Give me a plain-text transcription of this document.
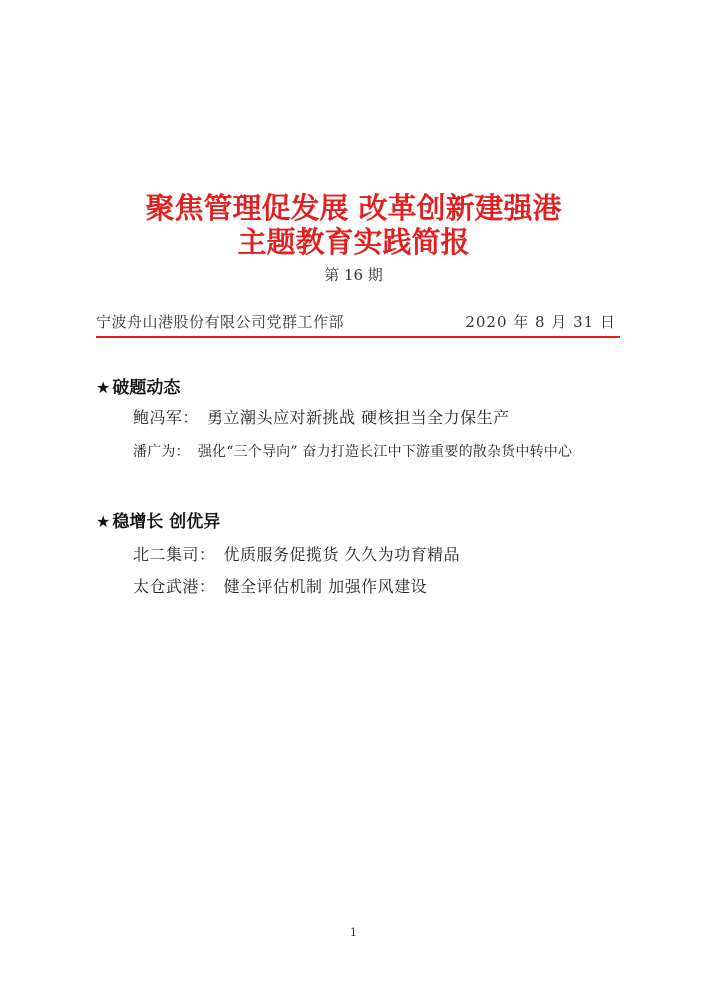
聚焦管理促发展 改革创新建强港
主题教育实践简报
第 16 期
宁波舟山港股份有限公司党群工作部	2020 年 8 月 31 日
★ 破题动态
鲍冯军： 勇立潮头应对新挑战 硬核担当全力保生产
潘广为： 强化“三个导向” 奋力打造长江中下游重要的散杂货中转中心
★ 稳增长 创优异
北二集司： 优质服务促揽货 久久为功育精品
太仓武港： 健全评估机制 加强作风建设
1
